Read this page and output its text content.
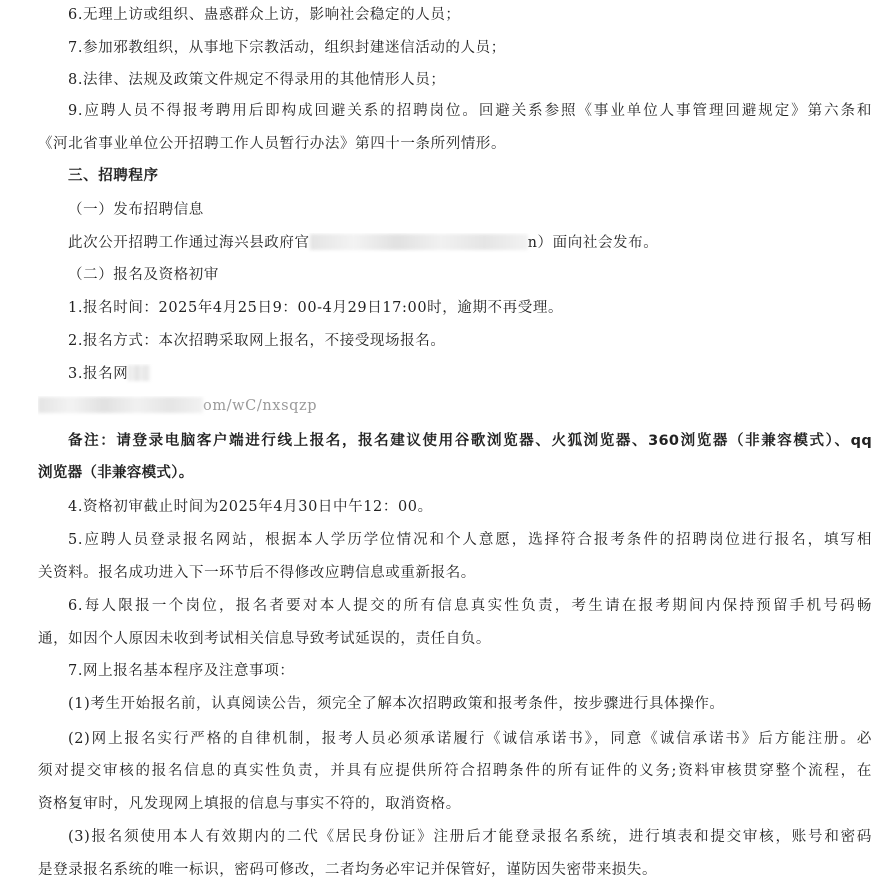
6.无理上访或组织、蛊惑群众上访，影响社会稳定的人员；
7.参加邪教组织，从事地下宗教活动，组织封建迷信活动的人员；
8.法律、法规及政策文件规定不得录用的其他情形人员；
9.应聘人员不得报考聘用后即构成回避关系的招聘岗位。回避关系参照《事业单位人事管理回避规定》第六条和
《河北省事业单位公开招聘工作人员暂行办法》第四十一条所列情形。
三、招聘程序
（一）发布招聘信息
此次公开招聘工作通过海兴县政府官	n）面向社会发布。
（二）报名及资格初审
1.报名时间：2025年4月25日9：00-4月29日17:00时，逾期不再受理。
2.报名方式：本次招聘采取网上报名，不接受现场报名。
3.报名网
om/wC/nxsqzp
备注：请登录电脑客户端进行线上报名，报名建议使用谷歌浏览器、火狐浏览器、360浏览器（非兼容模式）、qq
浏览器（非兼容模式）。
4.资格初审截止时间为2025年4月30日中午12：00。
5.应聘人员登录报名网站，根据本人学历学位情况和个人意愿，选择符合报考条件的招聘岗位进行报名，填写相
关资料。报名成功进入下一环节后不得修改应聘信息或重新报名。
6.每人限报一个岗位，报名者要对本人提交的所有信息真实性负责，考生请在报考期间内保持预留手机号码畅
通，如因个人原因未收到考试相关信息导致考试延误的，责任自负。
7.网上报名基本程序及注意事项：
(1)考生开始报名前，认真阅读公告，须完全了解本次招聘政策和报考条件，按步骤进行具体操作。
(2)网上报名实行严格的自律机制，报考人员必须承诺履行《诚信承诺书》，同意《诚信承诺书》后方能注册。必
须对提交审核的报名信息的真实性负责，并具有应提供所符合招聘条件的所有证件的义务;资料审核贯穿整个流程，在
资格复审时，凡发现网上填报的信息与事实不符的，取消资格。
(3)报名须使用本人有效期内的二代《居民身份证》注册后才能登录报名系统，进行填表和提交审核，账号和密码
是登录报名系统的唯一标识，密码可修改，二者均务必牢记并保管好，谨防因失密带来损失。
